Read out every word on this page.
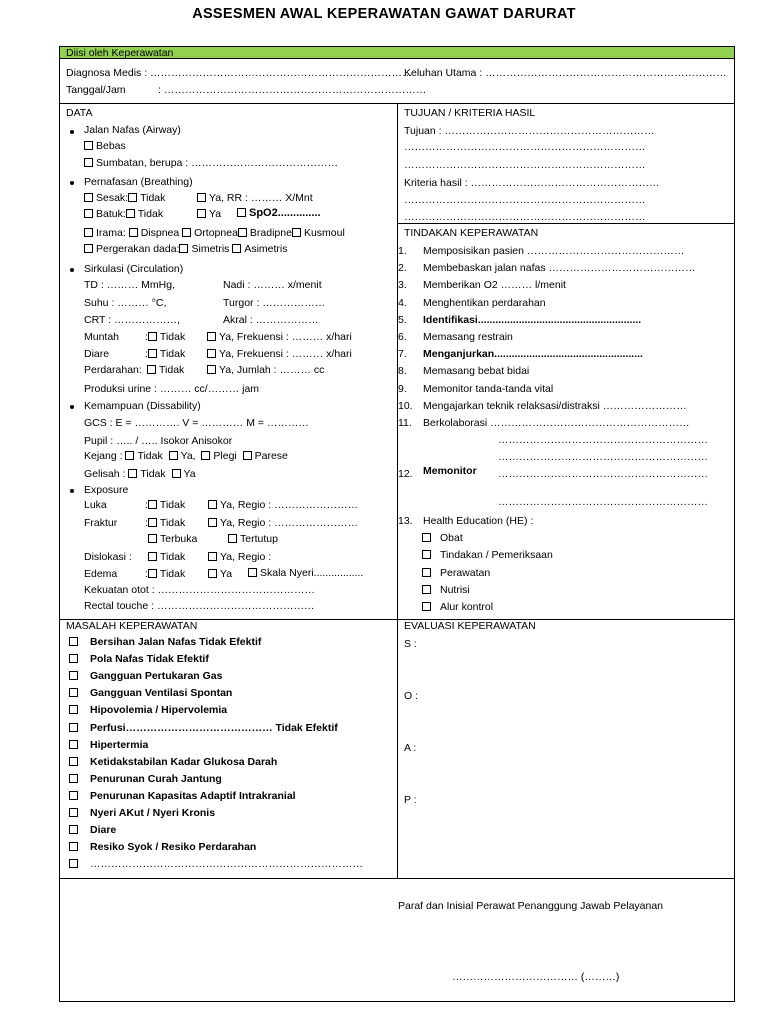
ASSESMEN AWAL KEPERAWATAN GAWAT DARURAT
Diisi oleh Keperawatan
Diagnosa Medis : …………………………………………………………………
Keluhan Utama : ……………………………………………………………
Tanggal/Jam	: …………………………………………………………………
DATA
Jalan Nafas (Airway)
Bebas
Sumbatan, berupa : ……………………………………
Pernafasan (Breathing)
Sesak: Tidak	Ya, RR : ……… X/Mnt
Batuk: Tidak	Ya	SpO2..............
Irama: Dispnea Ortopnea Bradipne Kusmoul
Pergerakan dada: Simetris Asimetris
Sirkulasi (Circulation)
TD : ……… MmHg,	Nadi : ……… x/menit
Suhu : ……… °C,	Turgor : ………………
CRT : ………………,	Akral : ………………
Muntah : Tidak	Ya, Frekuensi : ……… x/hari
Diare	: Tidak	Ya, Frekuensi : ……… x/hari
Perdarahan:	Tidak	Ya, Jumlah : ……… cc
Produksi urine : ……… cc/……… jam
Kemampuan (Dissability)
GCS : E = …………. V = ………… M = …………
Pupil : ….. / ….. Isokor Anisokor
Kejang : Tidak Ya, Plegi Parese
Gelisah : Tidak Ya
Exposure
Luka	: Tidak	Ya, Regio : ……………………
Fraktur	: Tidak	Ya, Regio : ……………………
Terbuka	Tertutup
Dislokasi :	Tidak	Ya, Regio :
Edema	: Tidak	Ya	Skala Nyeri.................
Kekuatan otot : ………………………………………
Rectal touche : ………………………………………
TUJUAN / KRITERIA HASIL
Tujuan : ……………………………………………………
……………………………………………………………
……………………………………………………………
Kriteria hasil : ………………………………………………
……………………………………………………………
……………………………………………………………
TINDAKAN KEPERAWATAN
1. Memposisikan pasien ………………………………………
2. Membebaskan jalan nafas ……………………………………
3. Memberikan O2 ……… l/menit
4. Menghentikan perdarahan
5. Identifikasi........................................................
6. Memasang restrain
7. Menganjurkan...................................................
8. Memasang bebat bidai
9. Memonitor tanda-tanda vital
10. Mengajarkan teknik relaksasi/distraksi ……………………
11. Berkolaborasi …………………………………………………
……………………………………………………
……………………………………………………
12. Memonitor ……………………………………………………
……………………………………………………
13. Health Education (HE) :
Obat
Tindakan / Pemeriksaan
Perawatan
Nutrisi
Alur kontrol
MASALAH KEPERAWATAN
Bersihan Jalan Nafas Tidak Efektif
Pola Nafas Tidak Efektif
Gangguan Pertukaran Gas
Gangguan Ventilasi Spontan
Hipovolemia / Hipervolemia
Perfusi…………………………………… Tidak Efektif
Hipertermia
Ketidakstabilan Kadar Glukosa Darah
Penurunan Curah Jantung
Penurunan Kapasitas Adaptif Intrakranial
Nyeri AKut / Nyeri Kronis
Diare
Resiko Syok / Resiko Perdarahan
……………………………………………………………………
EVALUASI KEPERAWATAN
S :
O :
A :
P :
Paraf dan Inisial Perawat Penanggung Jawab Pelayanan
……………………………… (………)
